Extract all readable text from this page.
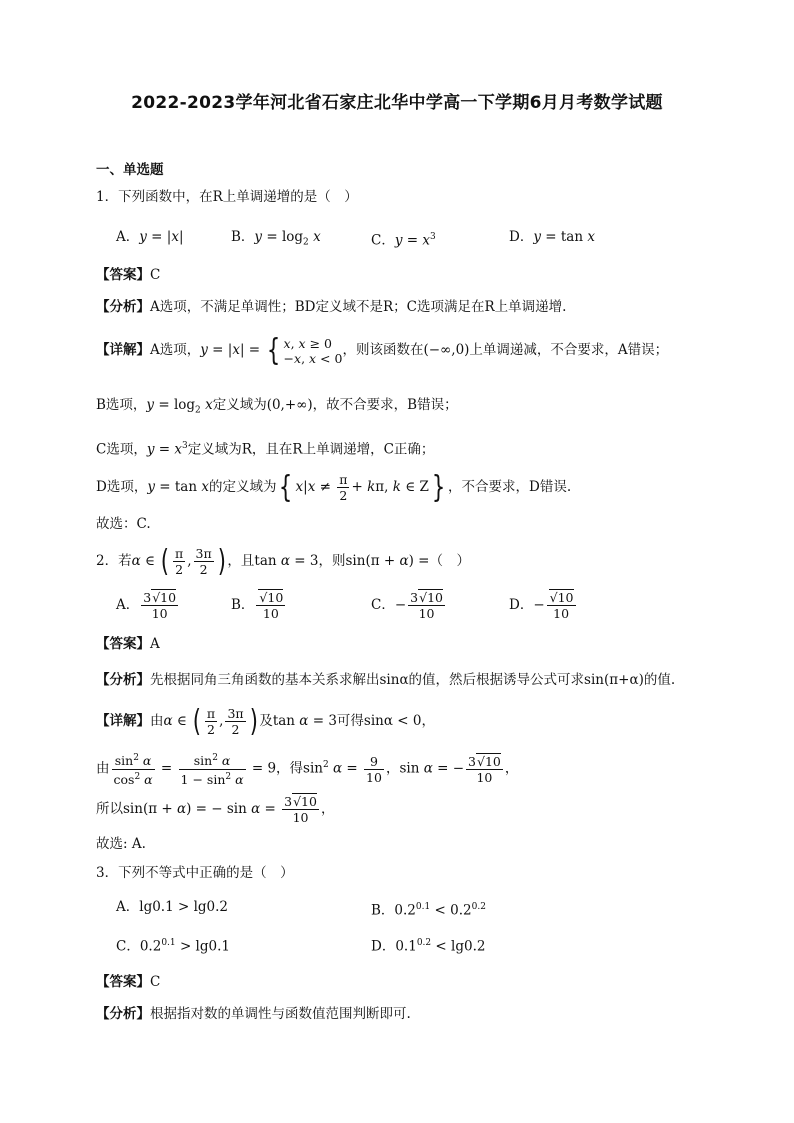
2022-2023学年河北省石家庄北华中学高一下学期6月月考数学试题
一、单选题
1．下列函数中，在R上单调递增的是（　）
A．y = |x|	B．$y = \log_2 x$	C．$y = x^3$	D．y = tan x
【答案】C
【分析】A选项，不满足单调性；BD定义域不是R；C选项满足在R上单调递增.
【详解】A选项，y = |x| = { x, x ≥ 0
−x, x < 0，则该函数在(−∞,0)上单调递减，不合要求，A错误；
B选项，$y = \log_2 x$定义域为(0,+∞)，故不合要求，B错误；
C选项，$y = x^3$定义域为R，且在R上单调递增，C正确；
D选项，y = tan x的定义域为{ $x|x \ne \frac{\pi}{2} + k\pi$, k ∈ Z} ，不合要求，D错误.
故选：C.
2．若α ∈ ( $\frac{\pi}{2}$ , $\frac{3\pi}{2}$ ) ，且tan α = 3，则sin(π + α) =（　）
A． $\frac{3√10}{10}$	B． $\frac{√10}{10}$	C．− $\frac{3√10}{10}$	D．− $\frac{√10}{10}$
【答案】A
【分析】先根据同角三角函数的基本关系求解出sinα的值，然后根据诱导公式可求sin(π+α)的值.
【详解】由α ∈ ( $\frac{\pi}{2}$ , $\frac{3\pi}{2}$ ) 及tan α = 3可得sinα < 0，
由 $\frac{\sin^2 \alpha}{\cos^2 \alpha} = \frac{\sin^2 \alpha}{1 - \sin^2 \alpha} = 9$，得$\sin^2 \alpha = \frac{9}{10}$ ，sin α = − $\frac{3√10}{10}$ ，
所以sin(π + α) = − $\sin \alpha = \frac{3√10}{10}$ ，
故选: A.
3．下列不等式中正确的是（　）
A．lg0.1 > lg0.2	B．$0.2^{0.1} < 0.2^{0.2}$
C．$0.2^{0.1} > \lg 0.1$	D．$0.1^{0.2} < \lg 0.2$
【答案】C
【分析】根据指对数的单调性与函数值范围判断即可.
